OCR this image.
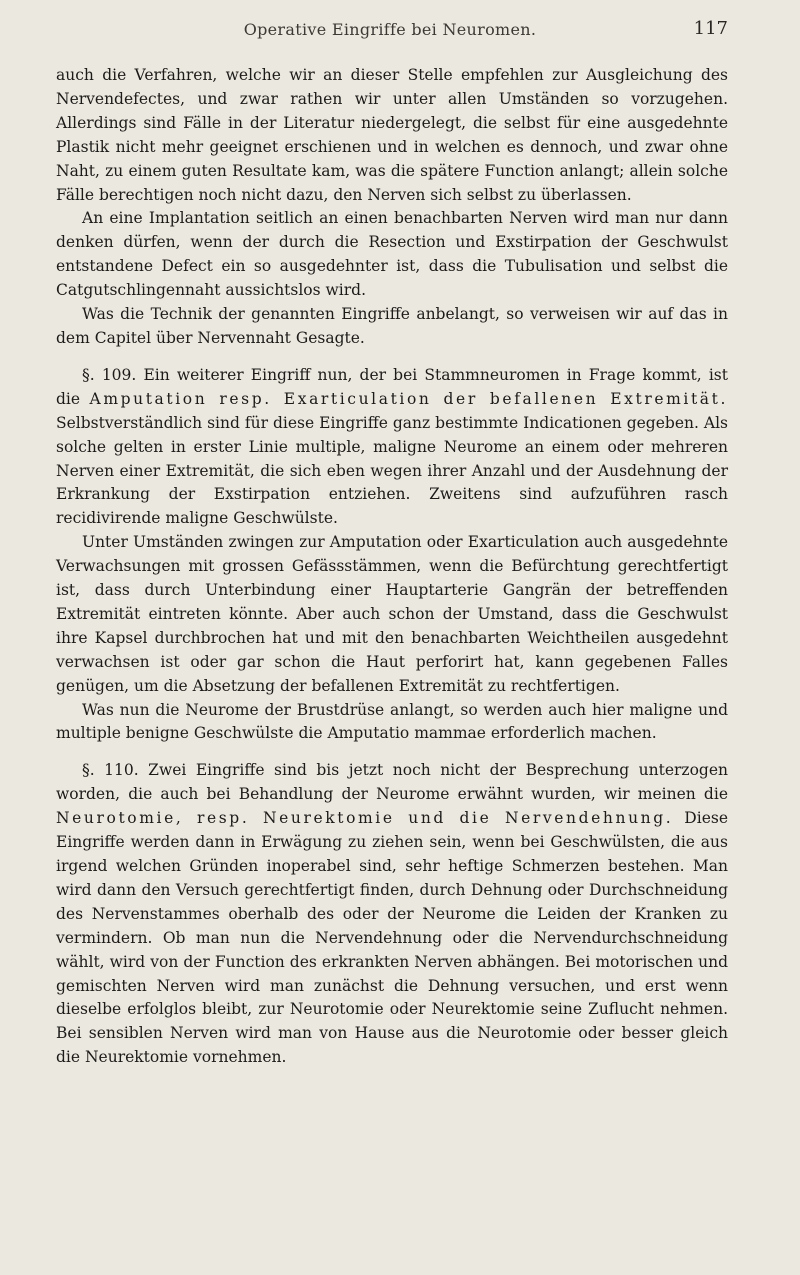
Operative Eingriffe bei Neuromen.	117

auch die Verfahren, welche wir an dieser Stelle empfehlen zur Ausgleichung des Nervendefectes, und zwar rathen wir unter allen Umständen so vorzugehen. Allerdings sind Fälle in der Literatur niedergelegt, die selbst für eine ausgedehnte Plastik nicht mehr geeignet erschienen und in welchen es dennoch, und zwar ohne Naht, zu einem guten Resultate kam, was die spätere Function anlangt; allein solche Fälle berechtigen noch nicht dazu, den Nerven sich selbst zu überlassen.

An eine Implantation seitlich an einen benachbarten Nerven wird man nur dann denken dürfen, wenn der durch die Resection und Exstirpation der Geschwulst entstandene Defect ein so ausgedehnter ist, dass die Tubulisation und selbst die Catgutschlingennaht aussichtslos wird.

Was die Technik der genannten Eingriffe anbelangt, so verweisen wir auf das in dem Capitel über Nervennaht Gesagte.

§. 109. Ein weiterer Eingriff nun, der bei Stammneuromen in Frage kommt, ist die Amputation resp. Exarticulation der befallenen Extremität. Selbstverständlich sind für diese Eingriffe ganz bestimmte Indicationen gegeben. Als solche gelten in erster Linie multiple, maligne Neurome an einem oder mehreren Nerven einer Extremität, die sich eben wegen ihrer Anzahl und der Ausdehnung der Erkrankung der Exstirpation entziehen. Zweitens sind aufzuführen rasch recidivirende maligne Geschwülste.

Unter Umständen zwingen zur Amputation oder Exarticulation auch ausgedehnte Verwachsungen mit grossen Gefässstämmen, wenn die Befürchtung gerechtfertigt ist, dass durch Unterbindung einer Hauptarterie Gangrän der betreffenden Extremität eintreten könnte. Aber auch schon der Umstand, dass die Geschwulst ihre Kapsel durchbrochen hat und mit den benachbarten Weichtheilen ausgedehnt verwachsen ist oder gar schon die Haut perforirt hat, kann gegebenen Falles genügen, um die Absetzung der befallenen Extremität zu rechtfertigen.

Was nun die Neurome der Brustdrüse anlangt, so werden auch hier maligne und multiple benigne Geschwülste die Amputatio mammae erforderlich machen.

§. 110. Zwei Eingriffe sind bis jetzt noch nicht der Besprechung unterzogen worden, die auch bei Behandlung der Neurome erwähnt wurden, wir meinen die Neurotomie, resp. Neurektomie und die Nervendehnung. Diese Eingriffe werden dann in Erwägung zu ziehen sein, wenn bei Geschwülsten, die aus irgend welchen Gründen inoperabel sind, sehr heftige Schmerzen bestehen. Man wird dann den Versuch gerechtfertigt finden, durch Dehnung oder Durchschneidung des Nervenstammes oberhalb des oder der Neurome die Leiden der Kranken zu vermindern. Ob man nun die Nervendehnung oder die Nervendurchschneidung wählt, wird von der Function des erkrankten Nerven abhängen. Bei motorischen und gemischten Nerven wird man zunächst die Dehnung versuchen, und erst wenn dieselbe erfolglos bleibt, zur Neurotomie oder Neurektomie seine Zuflucht nehmen. Bei sensiblen Nerven wird man von Hause aus die Neurotomie oder besser gleich die Neurektomie vornehmen.
